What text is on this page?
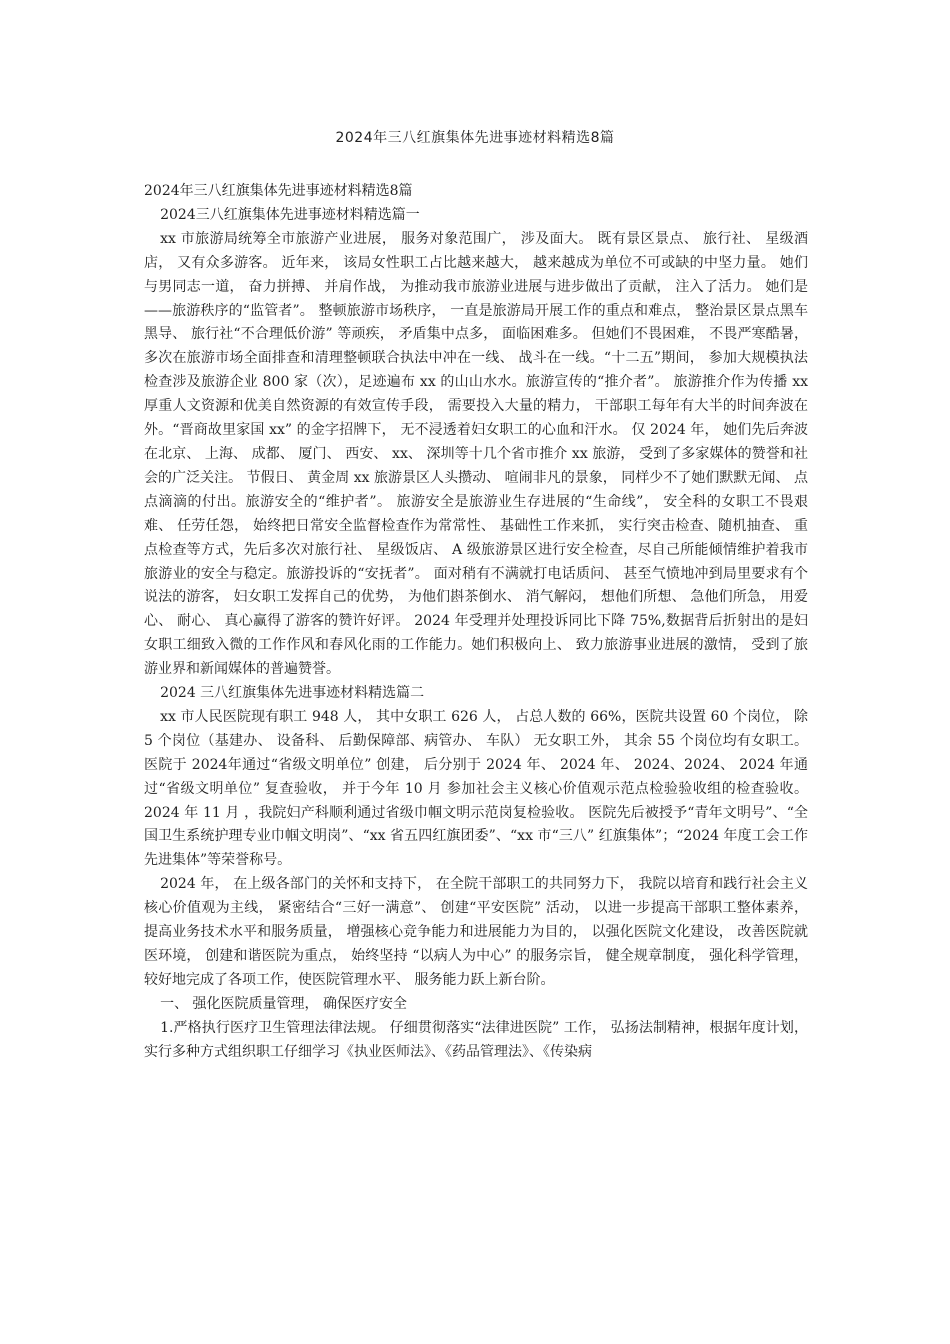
2024年三八红旗集体先进事迹材料精选8篇

2024年三八红旗集体先进事迹材料精选8篇

2024三八红旗集体先进事迹材料精选篇一

xx 市旅游局统筹全市旅游产业进展， 服务对象范围广， 涉及面大。 既有景区景点、 旅行社、 星级酒店， 又有众多游客。 近年来， 该局女性职工占比越来越大， 越来越成为单位不可或缺的中坚力量。 她们与男同志一道， 奋力拼搏、 并肩作战， 为推动我市旅游业进展与进步做出了贡献， 注入了活力。 她们是——旅游秩序的“监管者”。 整顿旅游市场秩序， 一直是旅游局开展工作的重点和难点， 整治景区景点黑车黑导、 旅行社“不合理低价游” 等顽疾， 矛盾集中点多， 面临困难多。 但她们不畏困难， 不畏严寒酷暑，多次在旅游市场全面排查和清理整顿联合执法中冲在一线、 战斗在一线。“十二五”期间， 参加大规模执法检查涉及旅游企业 800 家（次），足迹遍布 xx 的山山水水。旅游宣传的“推介者”。 旅游推介作为传播 xx 厚重人文资源和优美自然资源的有效宣传手段， 需要投入大量的精力， 干部职工每年有大半的时间奔波在外。“晋商故里家国 xx” 的金字招牌下， 无不浸透着妇女职工的心血和汗水。 仅 2024 年， 她们先后奔波在北京、 上海、 成都、 厦门、 西安、 xx、 深圳等十几个省市推介 xx 旅游， 受到了多家媒体的赞誉和社会的广泛关注。 节假日、 黄金周 xx 旅游景区人头攒动、 喧闹非凡的景象， 同样少不了她们默默无闻、 点点滴滴的付出。旅游安全的“维护者”。 旅游安全是旅游业生存进展的“生命线”， 安全科的女职工不畏艰难、 任劳任怨， 始终把日常安全监督检查作为常常性、 基础性工作来抓， 实行突击检查、随机抽查、 重点检查等方式，先后多次对旅行社、 星级饭店、 A 级旅游景区进行安全检查，尽自己所能倾情维护着我市旅游业的安全与稳定。旅游投诉的“安抚者”。 面对稍有不满就打电话质问、 甚至气愤地冲到局里要求有个说法的游客， 妇女职工发挥自己的优势， 为他们斟茶倒水、 消气解闷， 想他们所想、 急他们所急， 用爱心、 耐心、 真心赢得了游客的赞许好评。 2024 年受理并处理投诉同比下降 75%,数据背后折射出的是妇女职工细致入微的工作作风和春风化雨的工作能力。她们积极向上、 致力旅游事业进展的激情， 受到了旅游业界和新闻媒体的普遍赞誉。

2024 三八红旗集体先进事迹材料精选篇二

xx 市人民医院现有职工 948 人， 其中女职工 626 人， 占总人数的 66%，医院共设置 60 个岗位， 除 5 个岗位（基建办、 设备科、 后勤保障部、病管办、 车队） 无女职工外， 其余 55 个岗位均有女职工。 医院于 2024年通过“省级文明单位” 创建， 后分别于 2024 年、 2024 年、 2024、2024、 2024 年通过“省级文明单位” 复查验收， 并于今年 10 月 参加社会主义核心价值观示范点检验验收组的检查验收。 2024 年 11 月 ，我院妇产科顺利通过省级巾帼文明示范岗复检验收。 医院先后被授予“青年文明号”、“全国卫生系统护理专业巾帼文明岗”、“xx 省五四红旗团委”、“xx 市“三八” 红旗集体”；“2024 年度工会工作先进集体”等荣誉称号。

2024 年， 在上级各部门的关怀和支持下， 在全院干部职工的共同努力下， 我院以培育和践行社会主义核心价值观为主线， 紧密结合“三好一满意”、 创建“平安医院” 活动， 以进一步提高干部职工整体素养， 提高业务技术水平和服务质量， 增强核心竞争能力和进展能力为目的， 以强化医院文化建设， 改善医院就医环境， 创建和谐医院为重点， 始终坚持 “以病人为中心” 的服务宗旨， 健全规章制度， 强化科学管理， 较好地完成了各项工作，使医院管理水平、 服务能力跃上新台阶。

一、 强化医院质量管理， 确保医疗安全

1.严格执行医疗卫生管理法律法规。 仔细贯彻落实“法律进医院” 工作， 弘扬法制精神，根据年度计划， 实行多种方式组织职工仔细学习《执业医师法》、《药品管理法》、《传染病
